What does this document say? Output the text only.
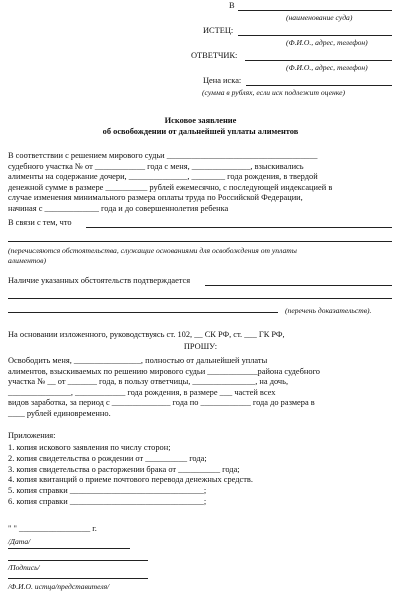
В
(наименование суда)
ИСТЕЦ:
(Ф.И.О., адрес, телефон)
ОТВЕТЧИК:
(Ф.И.О., адрес, телефон)
Цена иска:
(сумма в рублях, если иск подлежит оценке)
Исковое заявление
об освобождении от дальнейшей уплаты алиментов
В соответствии с решением мирового судьи ____________________________________
судебного участка № от ____________ года с меня, ______________, взыскивались
алименты на содержание дочери, ______________, ________ года рождения, в твердой
денежной сумме в размере __________ рублей ежемесячно, с последующей индексацией в
случае изменения минимального размера оплаты труда по Российской Федерации,
начиная с _____________ года и до совершеннолетия ребенка
В связи с тем, что
(перечисляются обстоятельства, служащие основаниями для освобождения от уплаты
алиментов)
Наличие указанных обстоятельств подтверждается
(перечень доказательств).
На основании изложенного, руководствуясь ст. 102, __ СК РФ, ст. ___ ГК РФ,
ПРОШУ:
Освободить меня, ________________, полностью от дальнейшей уплаты
алиментов, взыскиваемых по решению мирового судьи ____________района судебного
участка № __ от _______ года, в пользу ответчицы, _______________, на дочь,
_______________, ____________ года рождения, в размере ___ частей всех
видов заработка, за период с ______________ года по ____________ года до размера в
____ рублей единовременно.
Приложения:
1. копия искового заявления по числу сторон;
2. копия свидетельства о рождении от __________ года;
3. копия свидетельства о расторжении брака от __________ года;
4. копия квитанций о приеме почтового перевода денежных средств.
5. копия справки ________________________________;
6. копия справки ________________________________;
" " _________________ г.
/Дата/
/Подпись/
/Ф.И.О. истца/представителя/
